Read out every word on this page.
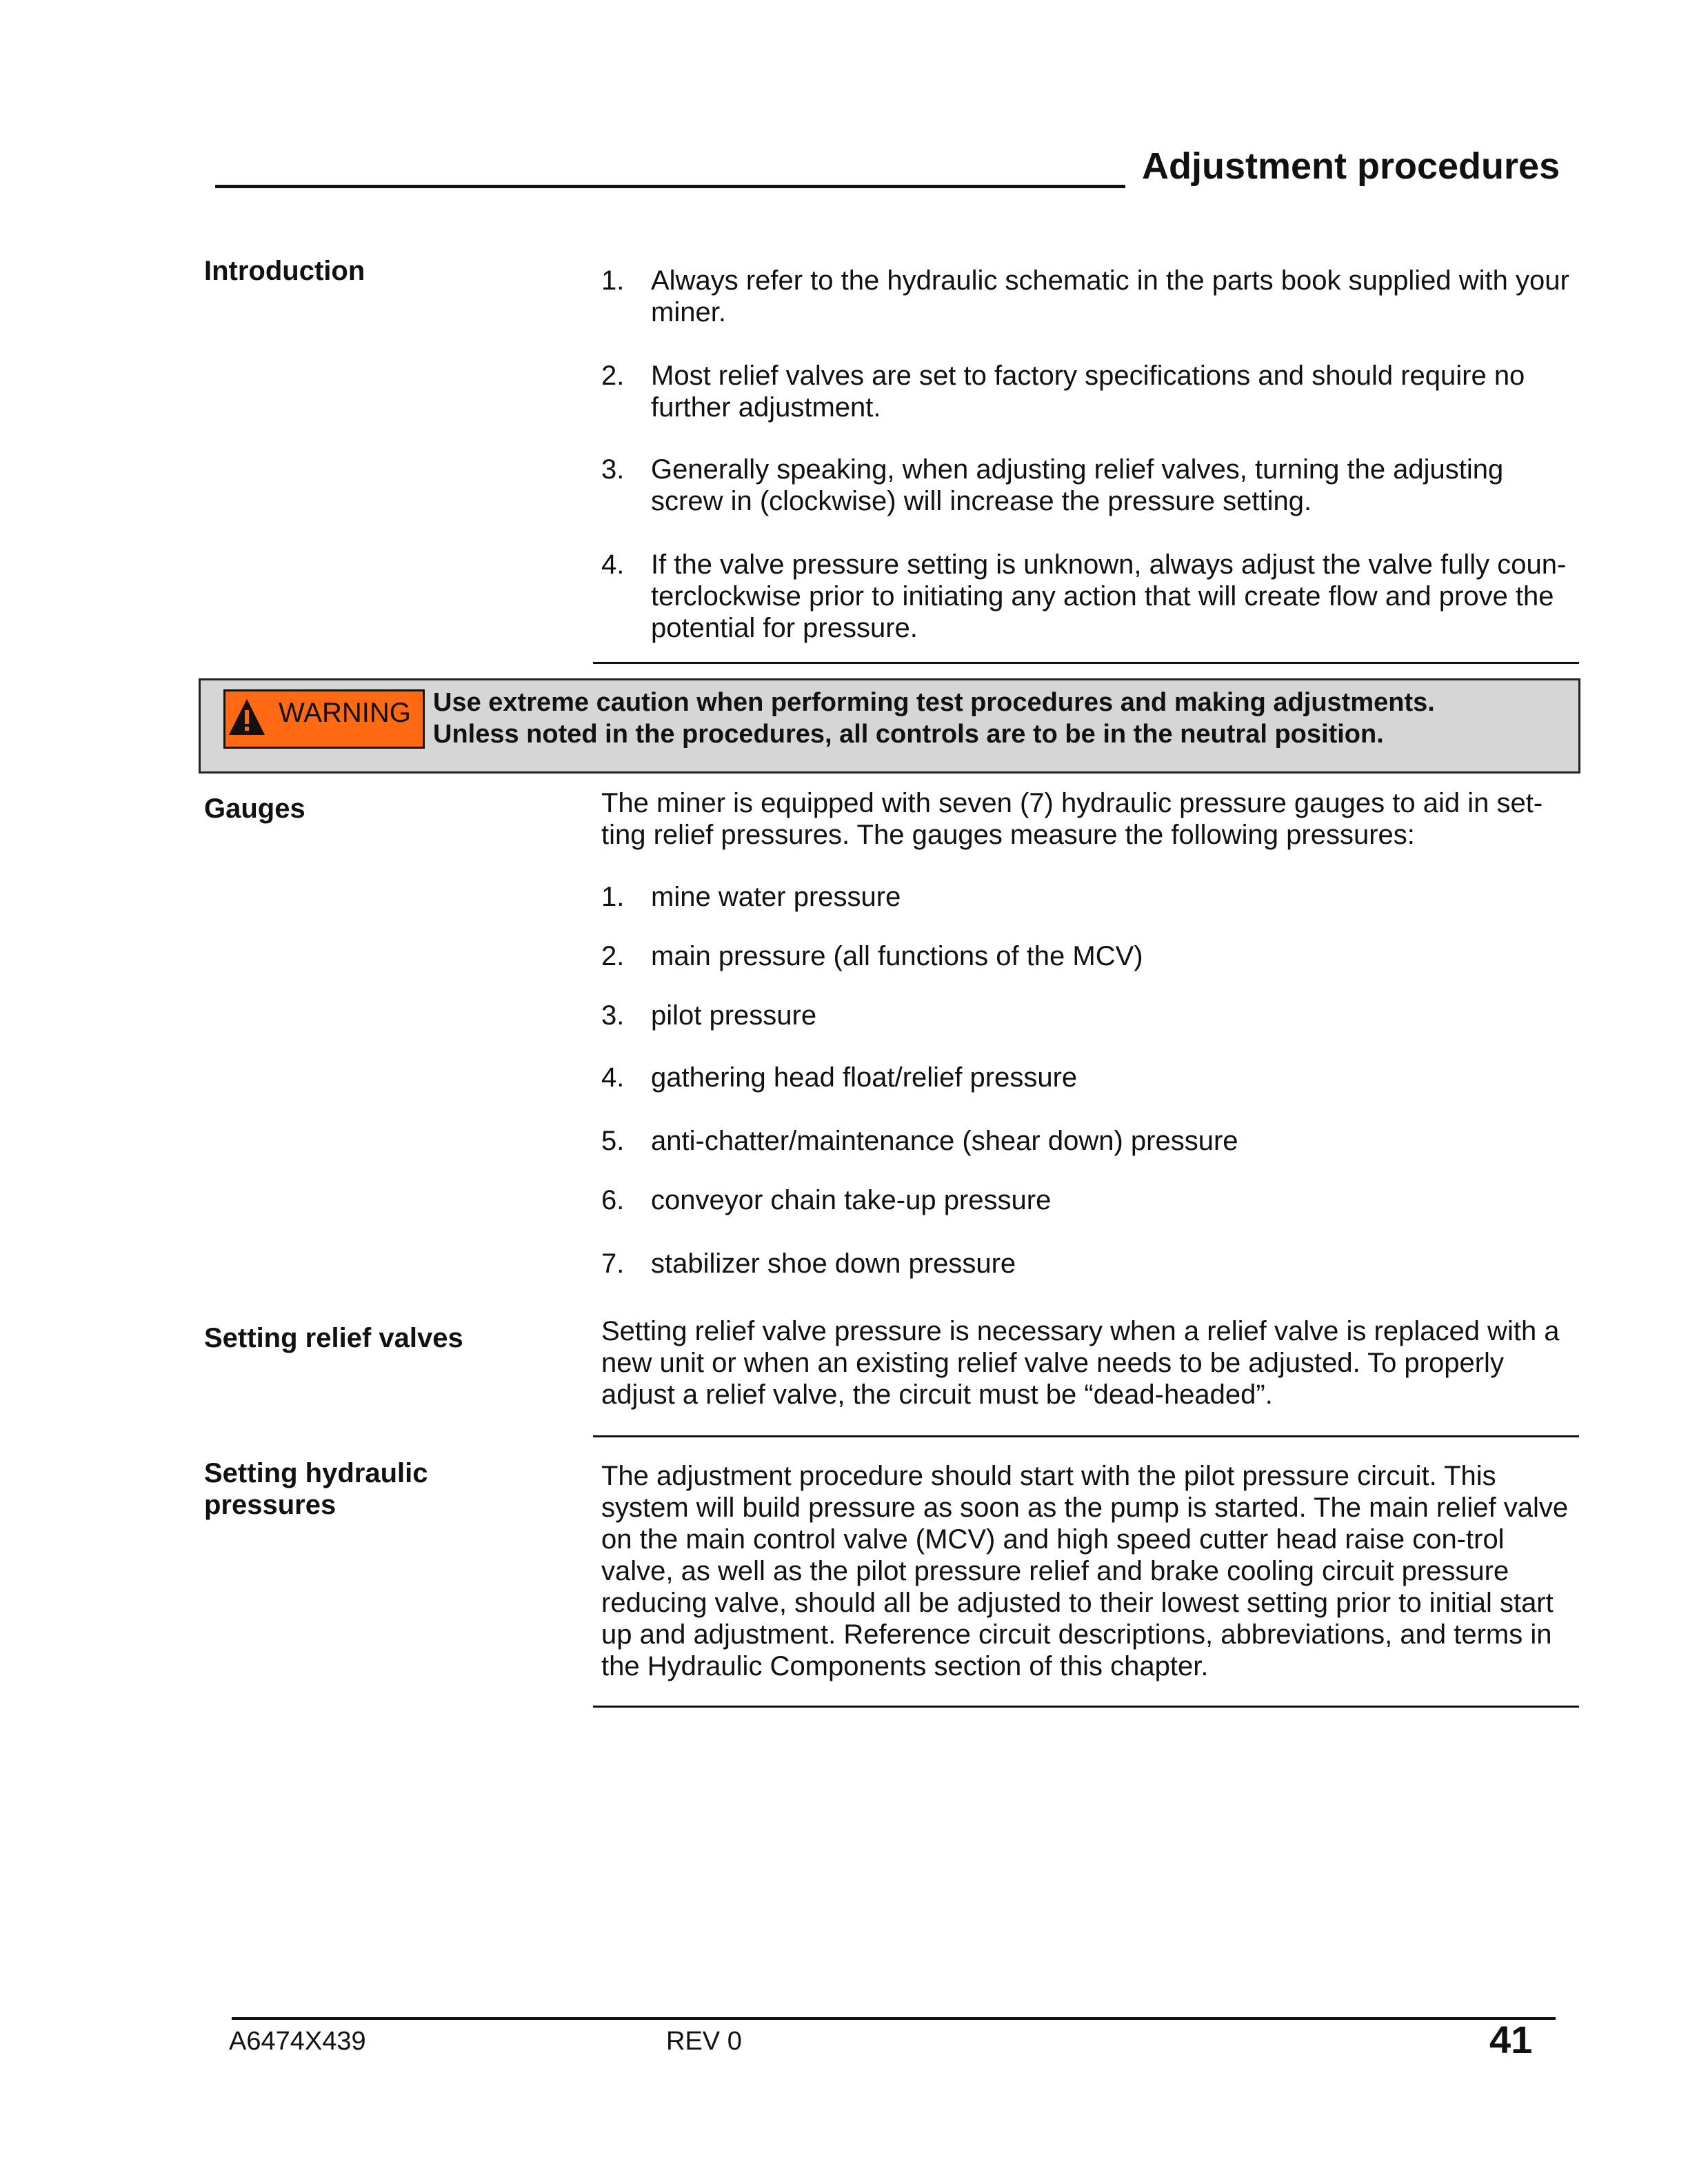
Adjustment procedures
Introduction	1. Always refer to the hydraulic schematic in the parts book supplied with your miner.
2. Most relief valves are set to factory specifications and should require no further adjustment.
3. Generally speaking, when adjusting relief valves, turning the adjusting screw in (clockwise) will increase the pressure setting.
4. If the valve pressure setting is unknown, always adjust the valve fully coun-terclockwise prior to initiating any action that will create flow and prove the potential for pressure.
WARNING Use extreme caution when performing test procedures and making adjustments.
Unless noted in the procedures, all controls are to be in the neutral position.
Gauges	The miner is equipped with seven (7) hydraulic pressure gauges to aid in set-ting relief pressures. The gauges measure the following pressures:
1. mine water pressure
2. main pressure (all functions of the MCV)
3. pilot pressure
4. gathering head float/relief pressure
5. anti-chatter/maintenance (shear down) pressure
6. conveyor chain take-up pressure
7. stabilizer shoe down pressure
Setting relief valves	Setting relief valve pressure is necessary when a relief valve is replaced with a new unit or when an existing relief valve needs to be adjusted. To properly adjust a relief valve, the circuit must be “dead-headed”.
Setting hydraulic pressures
The adjustment procedure should start with the pilot pressure circuit. This system will build pressure as soon as the pump is started. The main relief valve on the main control valve (MCV) and high speed cutter head raise con-trol valve, as well as the pilot pressure relief and brake cooling circuit pressure reducing valve, should all be adjusted to their lowest setting prior to initial start up and adjustment. Reference circuit descriptions, abbreviations, and terms in the Hydraulic Components section of this chapter.
A6474X439	REV 0	41
